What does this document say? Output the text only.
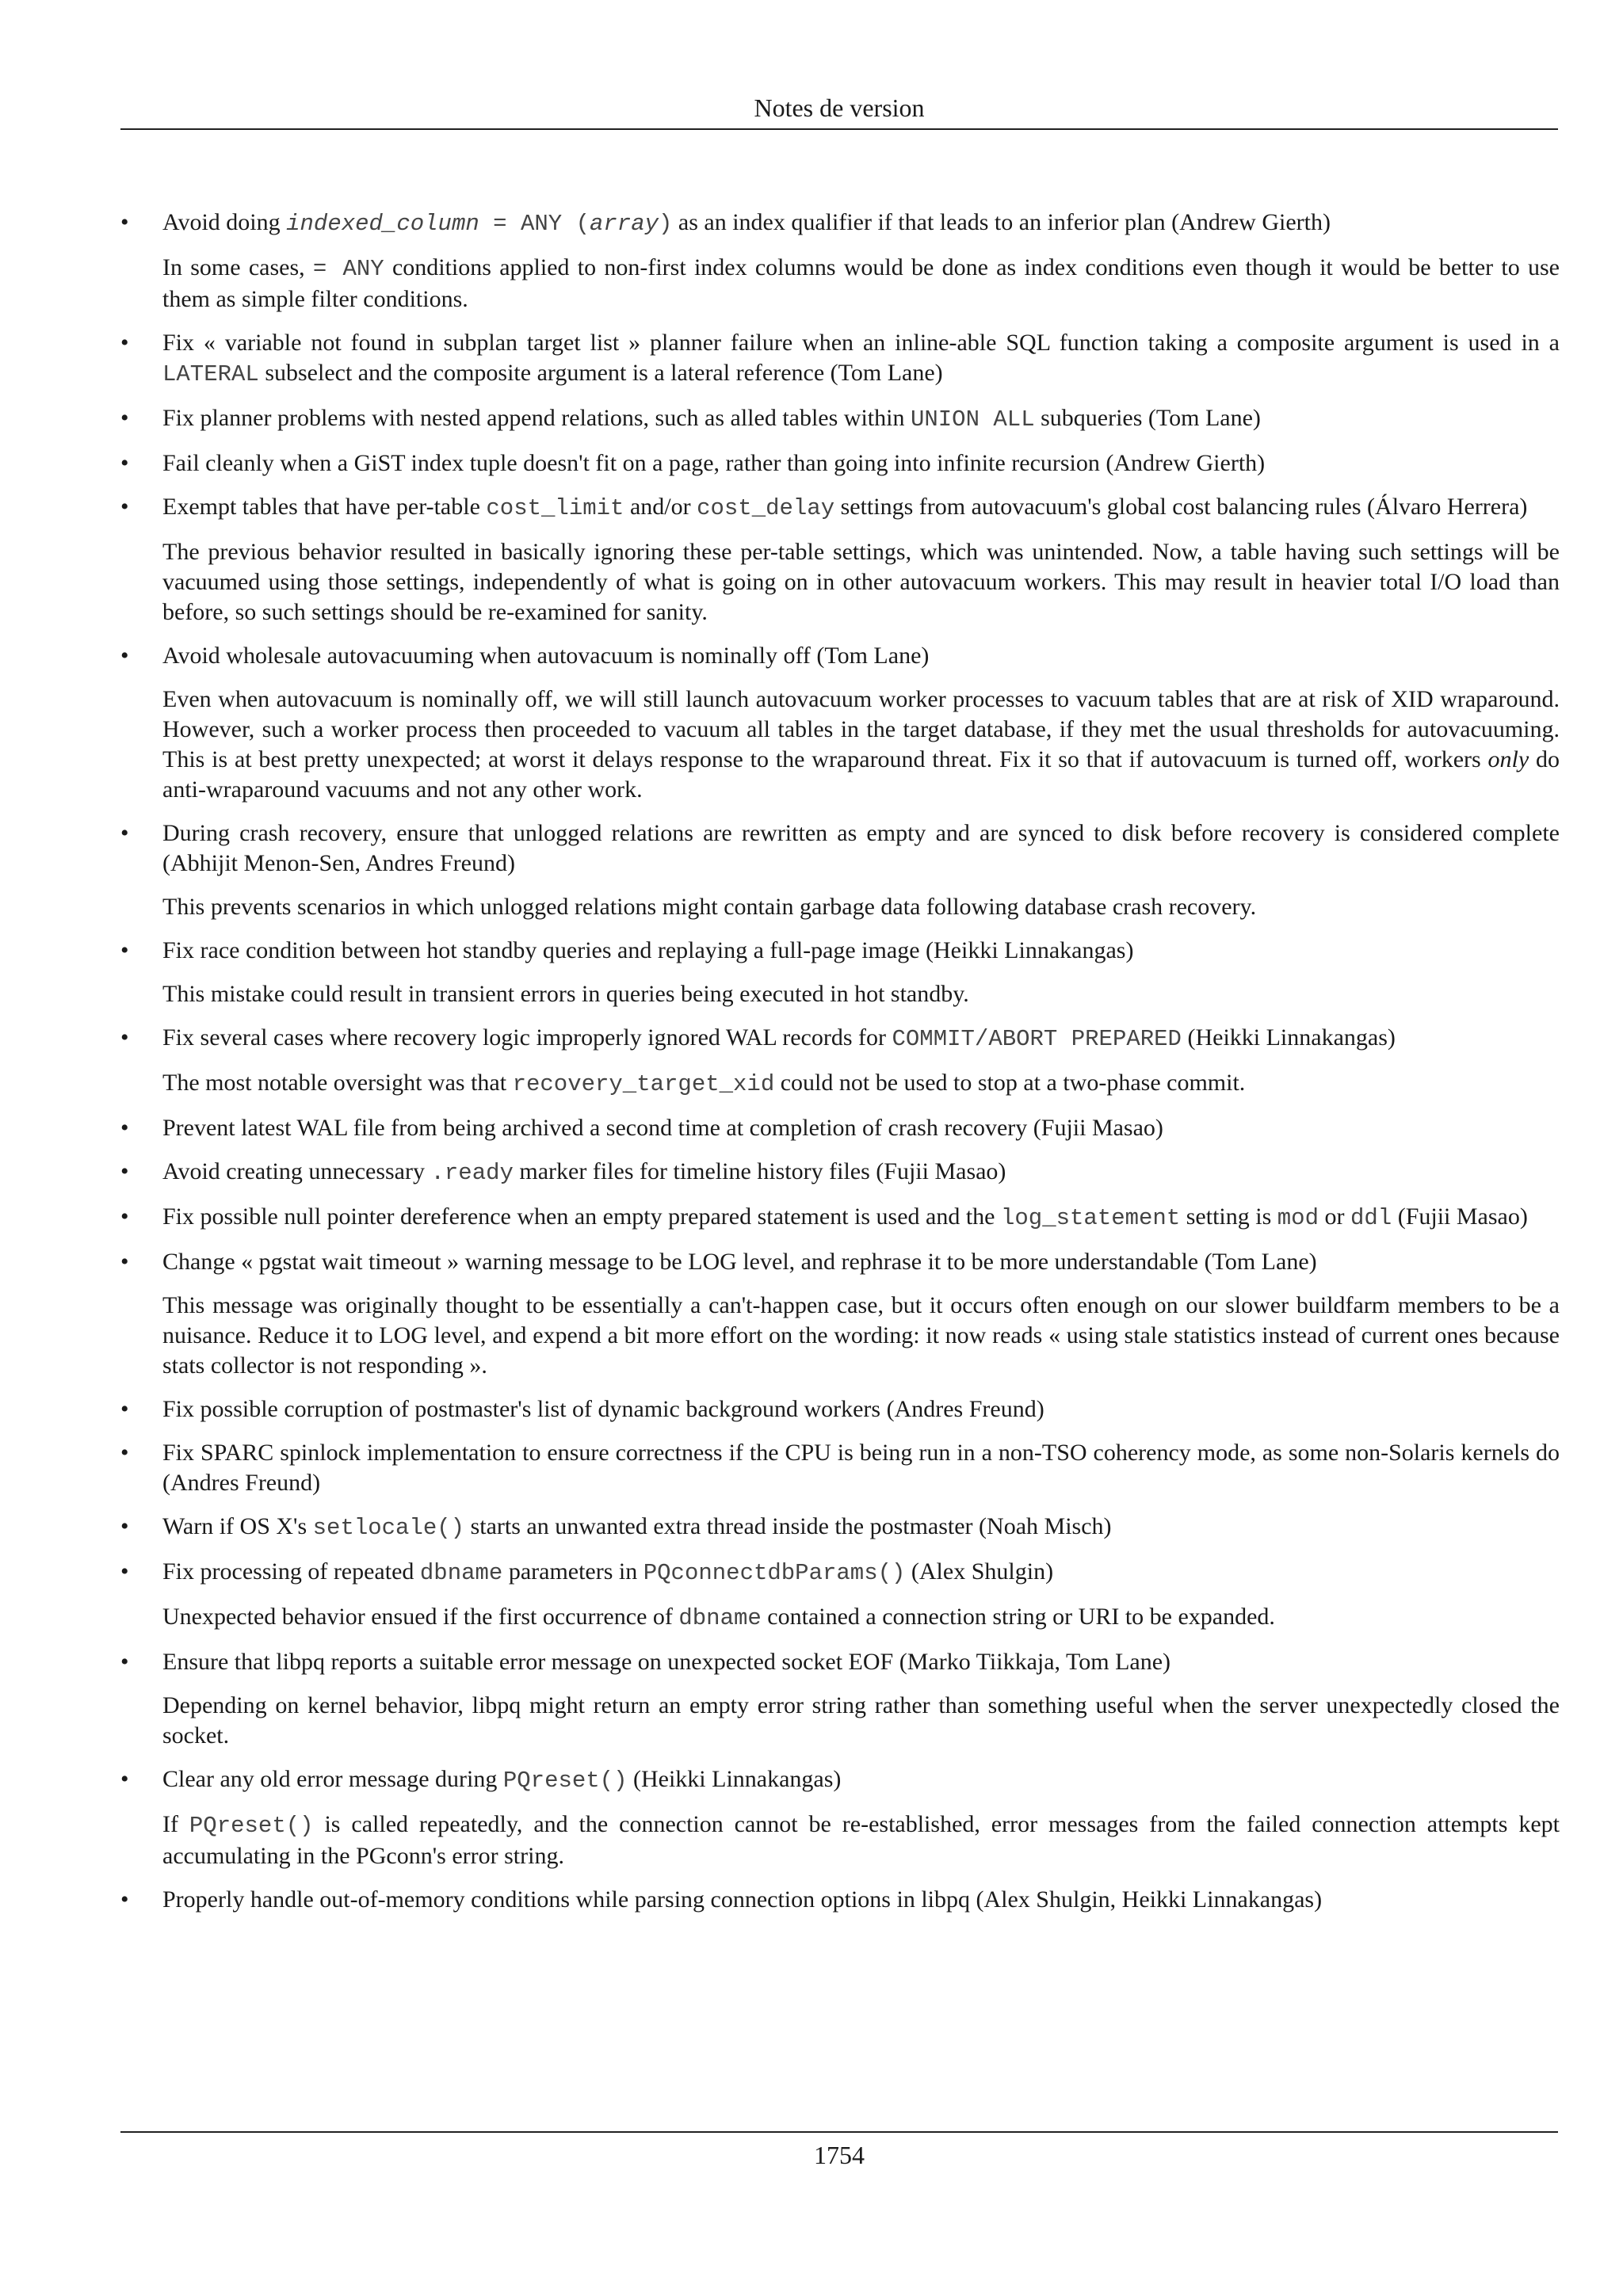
Notes de version
•	Avoid doing indexed_column = ANY (array) as an index qualifier if that leads to an inferior plan (Andrew Gierth)

In some cases, = ANY conditions applied to non-first index columns would be done as index conditions even though it would be better to use them as simple filter conditions.

•	Fix « variable not found in subplan target list » planner failure when an inline-able SQL function taking a composite argument is used in a LATERAL subselect and the composite argument is a lateral reference (Tom Lane)

•	Fix planner problems with nested append relations, such as alled tables within UNION ALL subqueries (Tom Lane)

•	Fail cleanly when a GiST index tuple doesn't fit on a page, rather than going into infinite recursion (Andrew Gierth)

•	Exempt tables that have per-table cost_limit and/or cost_delay settings from autovacuum's global cost balancing rules (Álvaro Herrera)

The previous behavior resulted in basically ignoring these per-table settings, which was unintended. Now, a table having such settings will be vacuumed using those settings, independently of what is going on in other autovacuum workers. This may result in heavier total I/O load than before, so such settings should be re-examined for sanity.

•	Avoid wholesale autovacuuming when autovacuum is nominally off (Tom Lane)

Even when autovacuum is nominally off, we will still launch autovacuum worker processes to vacuum tables that are at risk of XID wraparound. However, such a worker process then proceeded to vacuum all tables in the target database, if they met the usual thresholds for autovacuuming. This is at best pretty unexpected; at worst it delays response to the wraparound threat. Fix it so that if autovacuum is turned off, workers only do anti-wraparound vacuums and not any other work.

•	During crash recovery, ensure that unlogged relations are rewritten as empty and are synced to disk before recovery is considered complete (Abhijit Menon-Sen, Andres Freund)

This prevents scenarios in which unlogged relations might contain garbage data following database crash recovery.

•	Fix race condition between hot standby queries and replaying a full-page image (Heikki Linnakangas)

This mistake could result in transient errors in queries being executed in hot standby.

•	Fix several cases where recovery logic improperly ignored WAL records for COMMIT/ABORT PREPARED (Heikki Linnakangas)

The most notable oversight was that recovery_target_xid could not be used to stop at a two-phase commit.

•	Prevent latest WAL file from being archived a second time at completion of crash recovery (Fujii Masao)

•	Avoid creating unnecessary .ready marker files for timeline history files (Fujii Masao)

•	Fix possible null pointer dereference when an empty prepared statement is used and the log_statement setting is mod or ddl (Fujii Masao)

•	Change « pgstat wait timeout » warning message to be LOG level, and rephrase it to be more understandable (Tom Lane)

This message was originally thought to be essentially a can't-happen case, but it occurs often enough on our slower buildfarm members to be a nuisance. Reduce it to LOG level, and expend a bit more effort on the wording: it now reads « using stale statistics instead of current ones because stats collector is not responding ».

•	Fix possible corruption of postmaster's list of dynamic background workers (Andres Freund)

•	Fix SPARC spinlock implementation to ensure correctness if the CPU is being run in a non-TSO coherency mode, as some non-Solaris kernels do (Andres Freund)

•	Warn if OS X's setlocale() starts an unwanted extra thread inside the postmaster (Noah Misch)

•	Fix processing of repeated dbname parameters in PQconnectdbParams() (Alex Shulgin)

Unexpected behavior ensued if the first occurrence of dbname contained a connection string or URI to be expanded.

•	Ensure that libpq reports a suitable error message on unexpected socket EOF (Marko Tiikkaja, Tom Lane)

Depending on kernel behavior, libpq might return an empty error string rather than something useful when the server unexpectedly closed the socket.

•	Clear any old error message during PQreset() (Heikki Linnakangas)

If PQreset() is called repeatedly, and the connection cannot be re-established, error messages from the failed connection attempts kept accumulating in the PGconn's error string.

•	Properly handle out-of-memory conditions while parsing connection options in libpq (Alex Shulgin, Heikki Linnakangas)

1754
